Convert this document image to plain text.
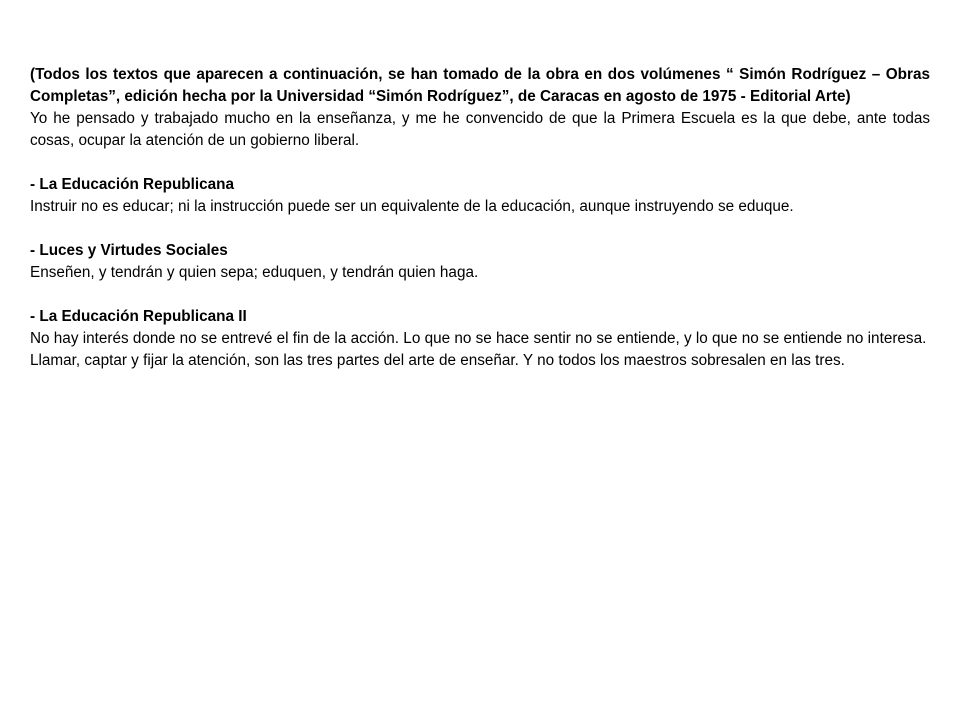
(Todos los textos que aparecen a continuación, se han tomado de la obra en dos volúmenes “ Simón Rodríguez – Obras Completas”, edición hecha por la Universidad “Simón Rodríguez”, de Caracas en agosto de 1975 - Editorial Arte)

Yo he pensado y trabajado mucho en la enseñanza, y me he convencido de que la Primera Escuela es la que debe, ante todas cosas, ocupar la atención de un gobierno liberal.

- La Educación Republicana

Instruir no es educar; ni la instrucción puede ser un equivalente de la educación, aunque instruyendo se eduque.

- Luces y Virtudes Sociales

Enseñen, y tendrán y quien sepa; eduquen, y tendrán quien haga.

- La Educación Republicana II

No hay interés donde no se entrevé el fin de la acción. Lo que no se hace sentir no se entiende, y lo que no se entiende no interesa.

Llamar, captar y fijar la atención, son las tres partes del arte de enseñar. Y no todos los maestros sobresalen en las tres.
